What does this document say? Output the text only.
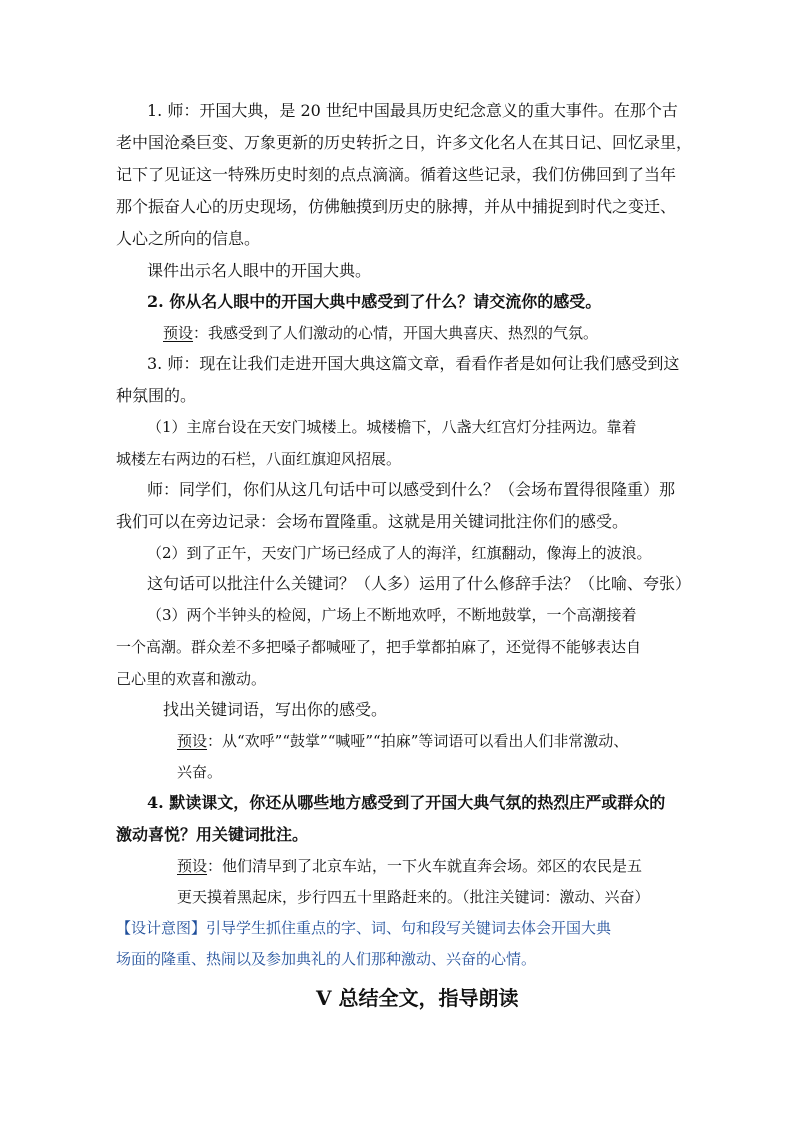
1. 师：开国大典，是 20 世纪中国最具历史纪念意义的重大事件。在那个古
老中国沧桑巨变、万象更新的历史转折之日，许多文化名人在其日记、回忆录里，
记下了见证这一特殊历史时刻的点点滴滴。循着这些记录，我们仿佛回到了当年
那个振奋人心的历史现场，仿佛触摸到历史的脉搏，并从中捕捉到时代之变迁、
人心之所向的信息。
课件出示名人眼中的开国大典。
2. 你从名人眼中的开国大典中感受到了什么？请交流你的感受。
预设：我感受到了人们激动的心情，开国大典喜庆、热烈的气氛。
3. 师：现在让我们走进开国大典这篇文章，看看作者是如何让我们感受到这
种氛围的。
（1）主席台设在天安门城楼上。城楼檐下，八盏大红宫灯分挂两边。靠着
城楼左右两边的石栏，八面红旗迎风招展。
师：同学们，你们从这几句话中可以感受到什么？（会场布置得很隆重）那
我们可以在旁边记录：会场布置隆重。这就是用关键词批注你们的感受。
（2）到了正午，天安门广场已经成了人的海洋，红旗翻动，像海上的波浪。
这句话可以批注什么关键词？（人多）运用了什么修辞手法？（比喻、夸张）
（3）两个半钟头的检阅，广场上不断地欢呼，不断地鼓掌，一个高潮接着
一个高潮。群众差不多把嗓子都喊哑了，把手掌都拍麻了，还觉得不能够表达自
己心里的欢喜和激动。
找出关键词语，写出你的感受。
预设：从“欢呼”“鼓掌”“喊哑”“拍麻”等词语可以看出人们非常激动、
兴奋。
4. 默读课文，你还从哪些地方感受到了开国大典气氛的热烈庄严或群众的
激动喜悦？用关键词批注。
预设：他们清早到了北京车站，一下火车就直奔会场。郊区的农民是五
更天摸着黑起床，步行四五十里路赶来的。（批注关键词：激动、兴奋）
【设计意图】引导学生抓住重点的字、词、句和段写关键词去体会开国大典
场面的隆重、热闹以及参加典礼的人们那种激动、兴奋的心情。
V 总结全文，指导朗读
